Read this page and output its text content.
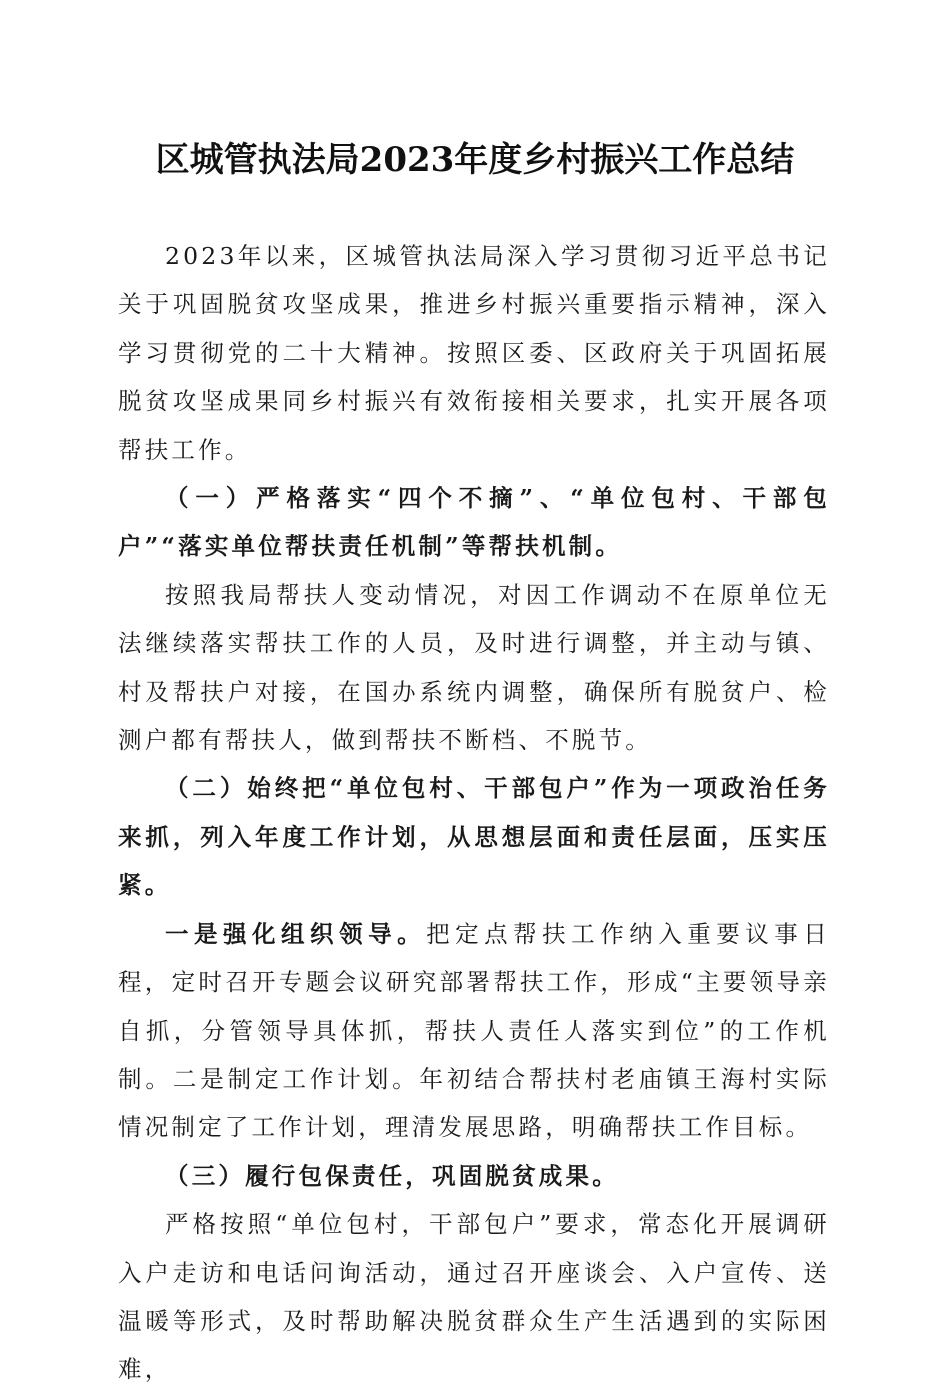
区城管执法局2023年度乡村振兴工作总结

2023年以来，区城管执法局深入学习贯彻习近平总书记关于巩固脱贫攻坚成果，推进乡村振兴重要指示精神，深入学习贯彻党的二十大精神。按照区委、区政府关于巩固拓展脱贫攻坚成果同乡村振兴有效衔接相关要求，扎实开展各项帮扶工作。

（一）严格落实“四个不摘”、“单位包村、干部包户”“落实单位帮扶责任机制”等帮扶机制。

按照我局帮扶人变动情况，对因工作调动不在原单位无法继续落实帮扶工作的人员，及时进行调整，并主动与镇、村及帮扶户对接，在国办系统内调整，确保所有脱贫户、检测户都有帮扶人，做到帮扶不断档、不脱节。

（二）始终把“单位包村、干部包户”作为一项政治任务来抓，列入年度工作计划，从思想层面和责任层面，压实压紧。

一是强化组织领导。把定点帮扶工作纳入重要议事日程，定时召开专题会议研究部署帮扶工作，形成“主要领导亲自抓，分管领导具体抓，帮扶人责任人落实到位”的工作机制。二是制定工作计划。年初结合帮扶村老庙镇王海村实际情况制定了工作计划，理清发展思路，明确帮扶工作目标。

（三）履行包保责任，巩固脱贫成果。

严格按照“单位包村，干部包户”要求，常态化开展调研入户走访和电话问询活动，通过召开座谈会、入户宣传、送温暖等形式，及时帮助解决脱贫群众生产生活遇到的实际困难，
